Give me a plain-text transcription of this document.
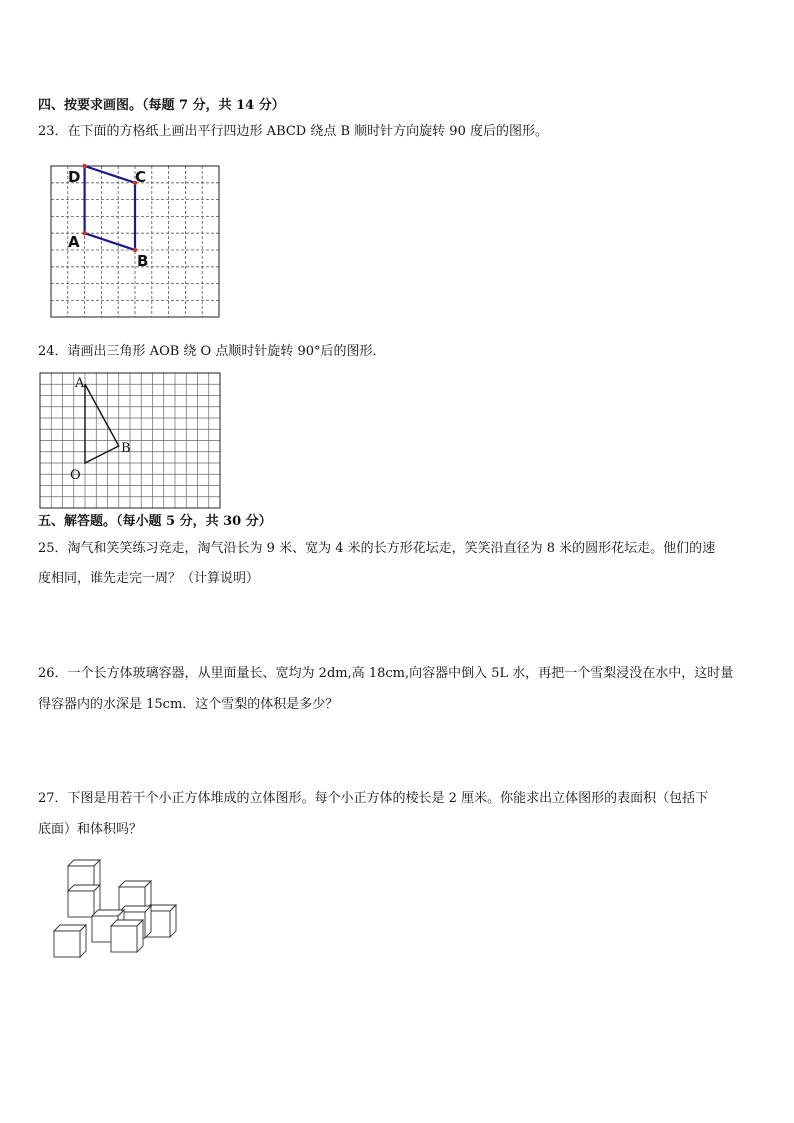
四、按要求画图。（每题 7 分，共 14 分）
23．在下面的方格纸上画出平行四边形 ABCD 绕点 B 顺时针方向旋转 90 度后的图形。
D	C
A
B
24．请画出三角形 AOB 绕 O 点顺时针旋转 90°后的图形．
A
B
O
五、解答题。（每小题 5 分，共 30 分）
25．淘气和笑笑练习竞走，淘气沿长为 9 米、宽为 4 米的长方形花坛走，笑笑沿直径为 8 米的圆形花坛走。他们的速
度相同，谁先走完一周？（计算说明）
26．一个长方体玻璃容器，从里面量长、宽均为 2dm,高 18cm,向容器中倒入 5L 水，再把一个雪梨浸没在水中，这时量
得容器内的水深是 15cm．这个雪梨的体积是多少？
27．下图是用若干个小正方体堆成的立体图形。每个小正方体的棱长是 2 厘米。你能求出立体图形的表面积（包括下
底面）和体积吗？
